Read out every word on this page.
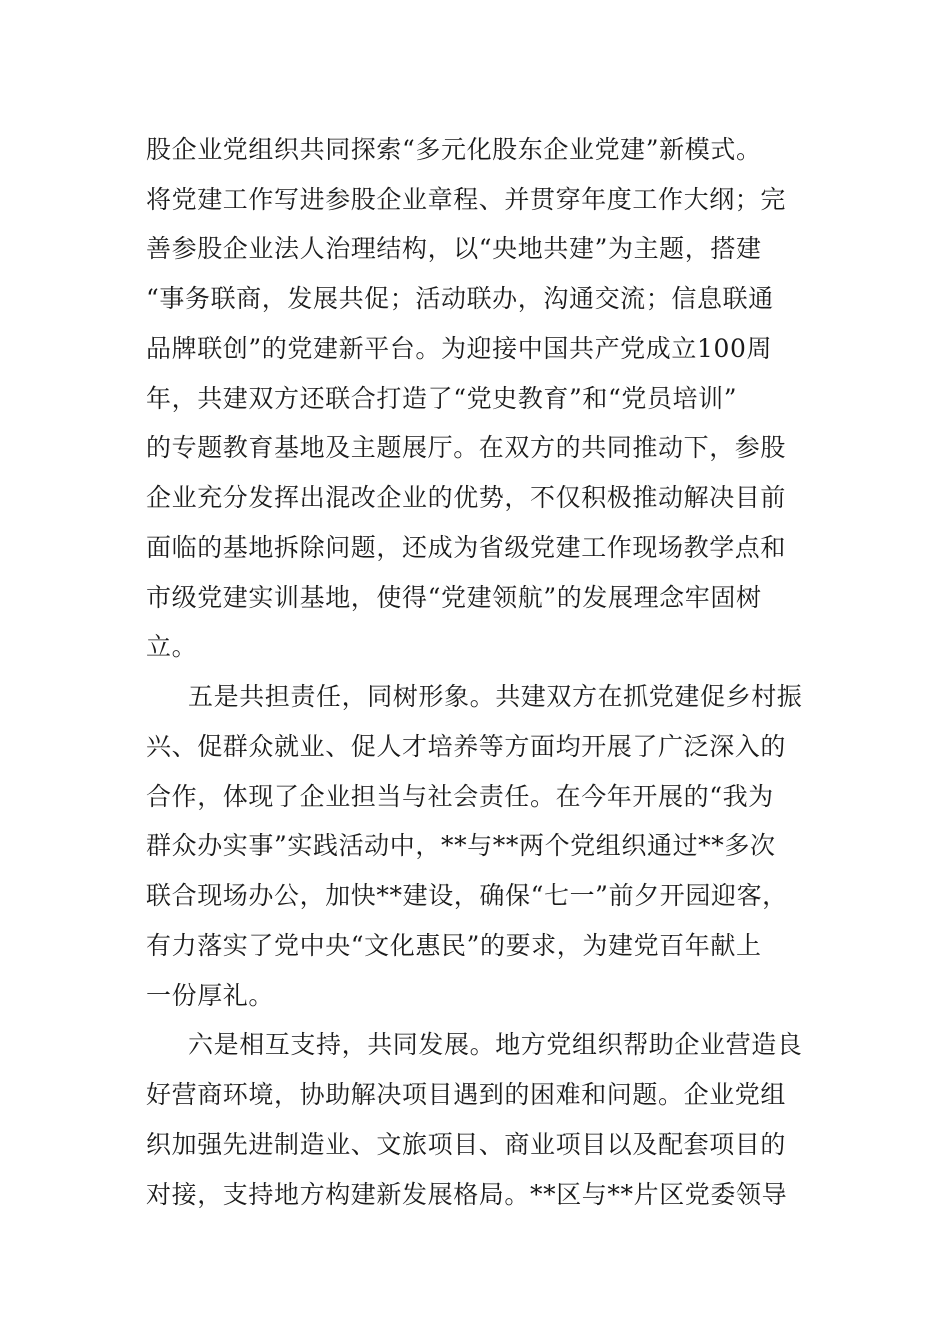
股企业党组织共同探索“多元化股东企业党建”新模式。
将党建工作写进参股企业章程、并贯穿年度工作大纲；完
善参股企业法人治理结构，以“央地共建”为主题，搭建
“事务联商，发展共促；活动联办，沟通交流；信息联通
品牌联创”的党建新平台。为迎接中国共产党成立100周
年，共建双方还联合打造了“党史教育”和“党员培训”
的专题教育基地及主题展厅。在双方的共同推动下，参股
企业充分发挥出混改企业的优势，不仅积极推动解决目前
面临的基地拆除问题，还成为省级党建工作现场教学点和
市级党建实训基地，使得“党建领航”的发展理念牢固树
立。
五是共担责任，同树形象。共建双方在抓党建促乡村振
兴、促群众就业、促人才培养等方面均开展了广泛深入的
合作，体现了企业担当与社会责任。在今年开展的“我为
群众办实事”实践活动中，**与**两个党组织通过**多次
联合现场办公，加快**建设，确保“七一”前夕开园迎客，
有力落实了党中央“文化惠民”的要求，为建党百年献上
一份厚礼。
六是相互支持，共同发展。地方党组织帮助企业营造良
好营商环境，协助解决项目遇到的困难和问题。企业党组
织加强先进制造业、文旅项目、商业项目以及配套项目的
对接，支持地方构建新发展格局。**区与**片区党委领导
